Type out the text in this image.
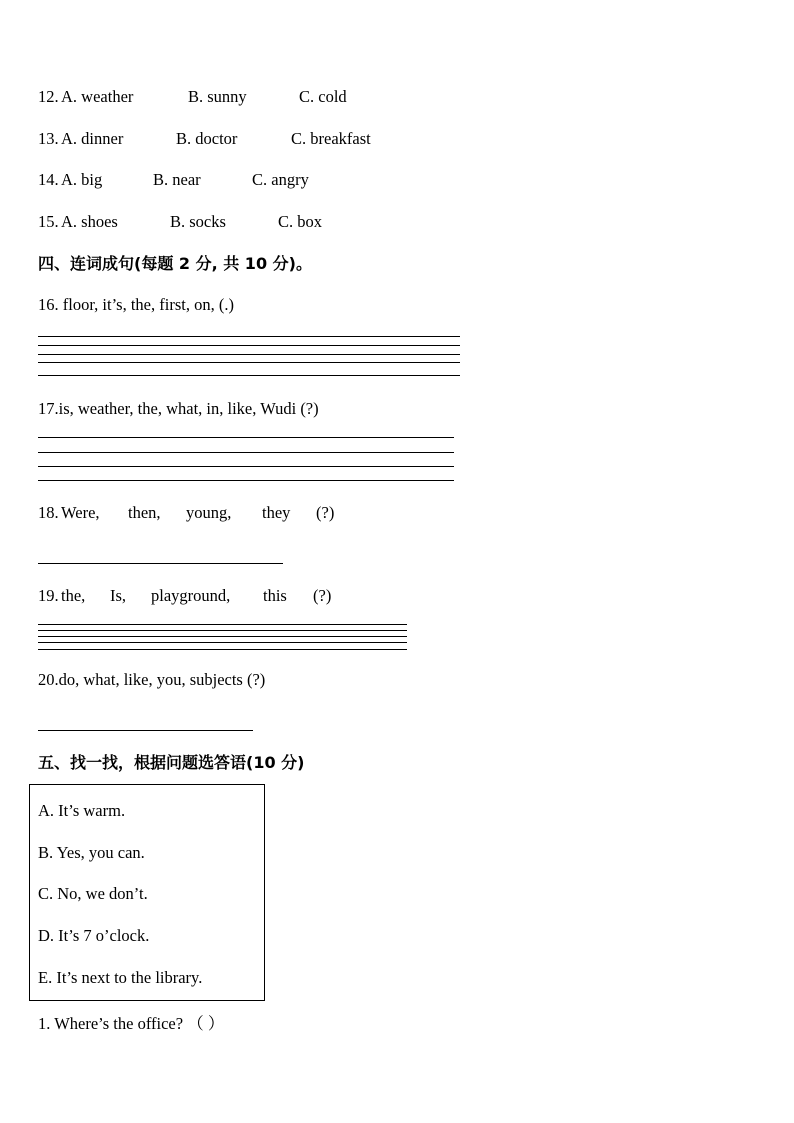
12. A. weather	B. sunny	C. cold
13. A. dinner	B. doctor	C. breakfast
14. A. big	B. near	C. angry
15. A. shoes	B. socks	C. box
四、连词成句(每题 2 分, 共 10 分)。
16. floor, it’s, the, first, on, (.)
17.is, weather, the, what, in, like, Wudi (?)
18. Were, then, young, they (?)
19. the, Is, playground, this (?)
20.do, what, like, you, subjects (?)
五、找一找，根据问题选答语(10 分)
A. It’s warm.
B. Yes, you can.
C. No, we don’t.
D. It’s 7 o’clock.
E. It’s next to the library.
1. Where’s the office? （ ）
